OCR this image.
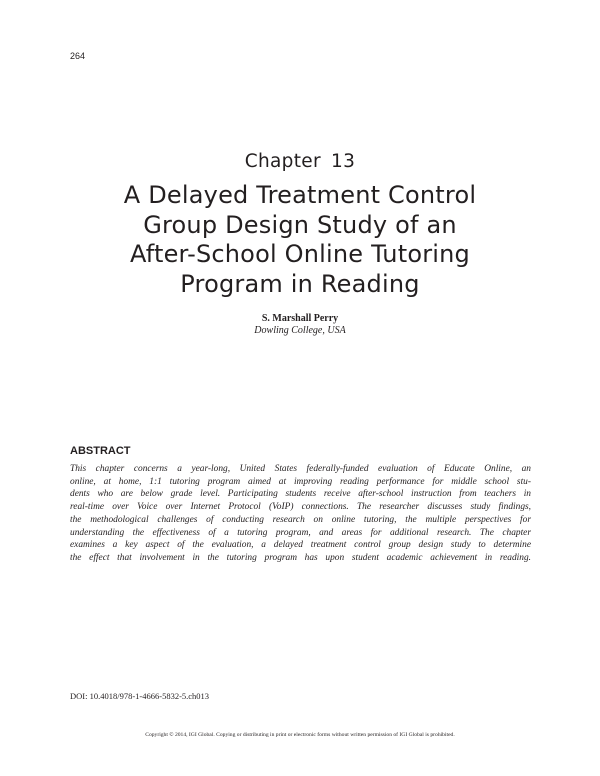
264
Chapter 13
A Delayed Treatment Control
Group Design Study of an
After-School Online Tutoring
Program in Reading
S. Marshall Perry
Dowling College, USA
ABSTRACT
This chapter concerns a year-long, United States federally-funded evaluation of Educate Online, an
online, at home, 1:1 tutoring program aimed at improving reading performance for middle school stu-
dents who are below grade level. Participating students receive after-school instruction from teachers in
real-time over Voice over Internet Protocol (VoIP) connections. The researcher discusses study findings,
the methodological challenges of conducting research on online tutoring, the multiple perspectives for
understanding the effectiveness of a tutoring program, and areas for additional research. The chapter
examines a key aspect of the evaluation, a delayed treatment control group design study to determine
the effect that involvement in the tutoring program has upon student academic achievement in reading.
DOI: 10.4018/978-1-4666-5832-5.ch013
Copyright © 2014, IGI Global. Copying or distributing in print or electronic forms without written permission of IGI Global is prohibited.
